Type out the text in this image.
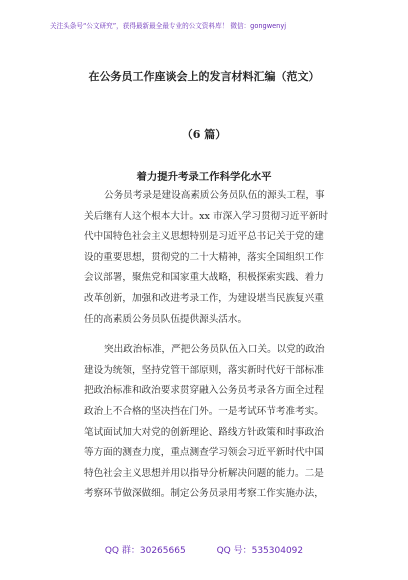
关注头条号“公文研究”，获得最新最全最专业的公文资料库！ 微信：gongwenyj
在公务员工作座谈会上的发言材料汇编（范文）
（6 篇）
着力提升考录工作科学化水平
公务员考录是建设高素质公务员队伍的源头工程，事
关后继有人这个根本大计。xx 市深入学习贯彻习近平新时
代中国特色社会主义思想特别是习近平总书记关于党的建
设的重要思想，贯彻党的二十大精神，落实全国组织工作
会议部署，聚焦党和国家重大战略，积极探索实践、着力
改革创新，加强和改进考录工作，为建设堪当民族复兴重
任的高素质公务员队伍提供源头活水。
突出政治标准，严把公务员队伍入口关。以党的政治
建设为统领，坚持党管干部原则，落实新时代好干部标准
把政治标准和政治要求贯穿融入公务员考录各方面全过程
政治上不合格的坚决挡在门外。一是考试环节考准考实。
笔试面试加大对党的创新理论、路线方针政策和时事政治
等方面的测查力度，重点测查学习领会习近平新时代中国
特色社会主义思想并用以指导分析解决问题的能力。二是
考察环节做深做细。制定公务员录用考察工作实施办法，
QQ 群：30265665	QQ 号：535304092
